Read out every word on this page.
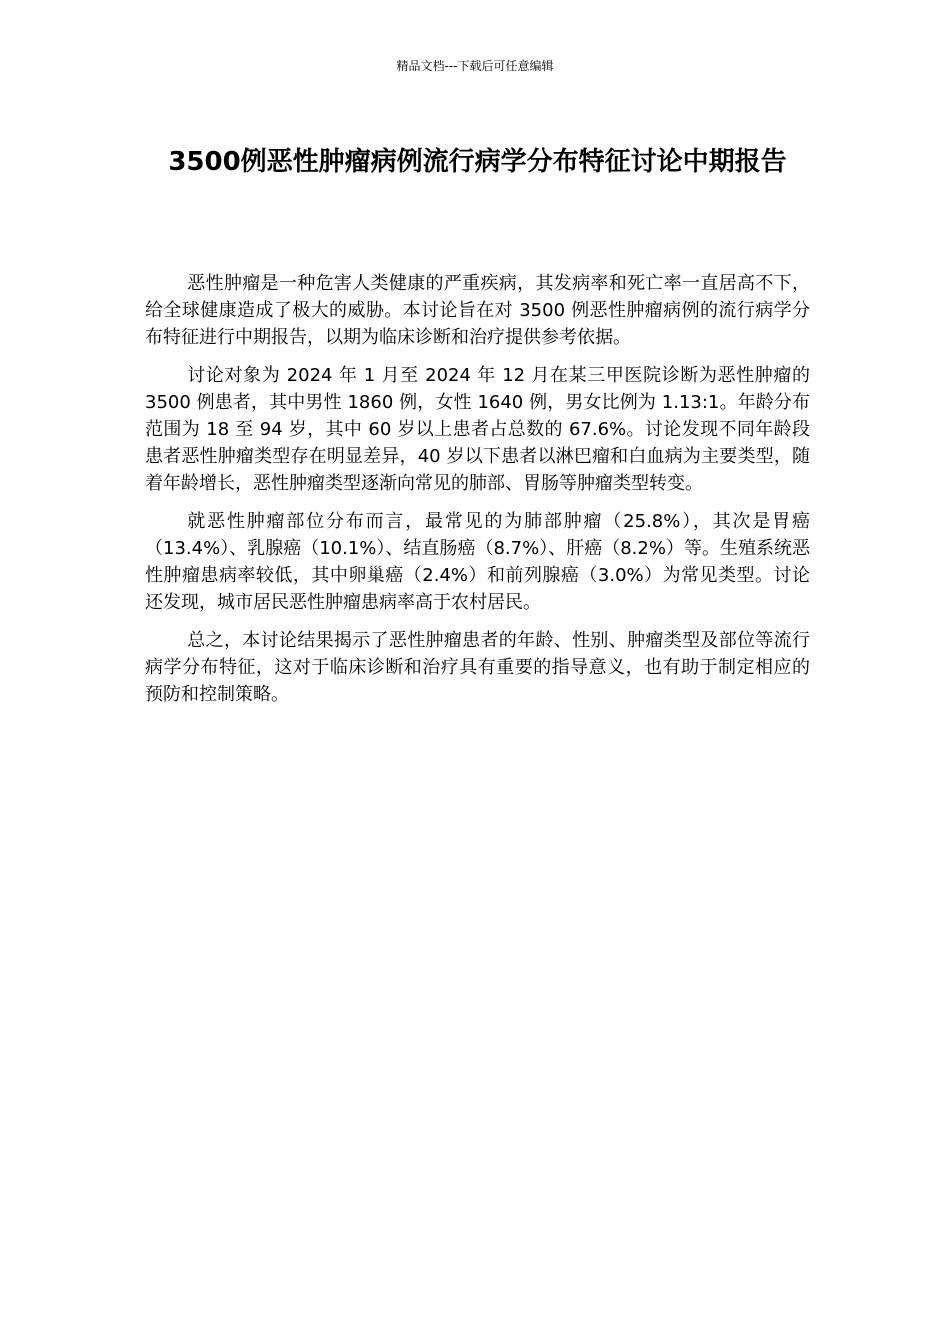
精品文档---下载后可任意编辑
3500例恶性肿瘤病例流行病学分布特征讨论中期报告

恶性肿瘤是一种危害人类健康的严重疾病，其发病率和死亡率一直居高不下，给全球健康造成了极大的威胁。本讨论旨在对 3500 例恶性肿瘤病例的流行病学分布特征进行中期报告，以期为临床诊断和治疗提供参考依据。

讨论对象为 2024 年 1 月至 2024 年 12 月在某三甲医院诊断为恶性肿瘤的 3500 例患者，其中男性 1860 例，女性 1640 例，男女比例为 1.13:1。年龄分布范围为 18 至 94 岁，其中 60 岁以上患者占总数的 67.6%。讨论发现不同年龄段患者恶性肿瘤类型存在明显差异，40 岁以下患者以淋巴瘤和白血病为主要类型，随着年龄增长，恶性肿瘤类型逐渐向常见的肺部、胃肠等肿瘤类型转变。

就恶性肿瘤部位分布而言，最常见的为肺部肿瘤（25.8%），其次是胃癌（13.4%）、乳腺癌（10.1%）、结直肠癌（8.7%）、肝癌（8.2%）等。生殖系统恶性肿瘤患病率较低，其中卵巢癌（2.4%）和前列腺癌（3.0%）为常见类型。讨论还发现，城市居民恶性肿瘤患病率高于农村居民。

总之，本讨论结果揭示了恶性肿瘤患者的年龄、性别、肿瘤类型及部位等流行病学分布特征，这对于临床诊断和治疗具有重要的指导意义，也有助于制定相应的预防和控制策略。
